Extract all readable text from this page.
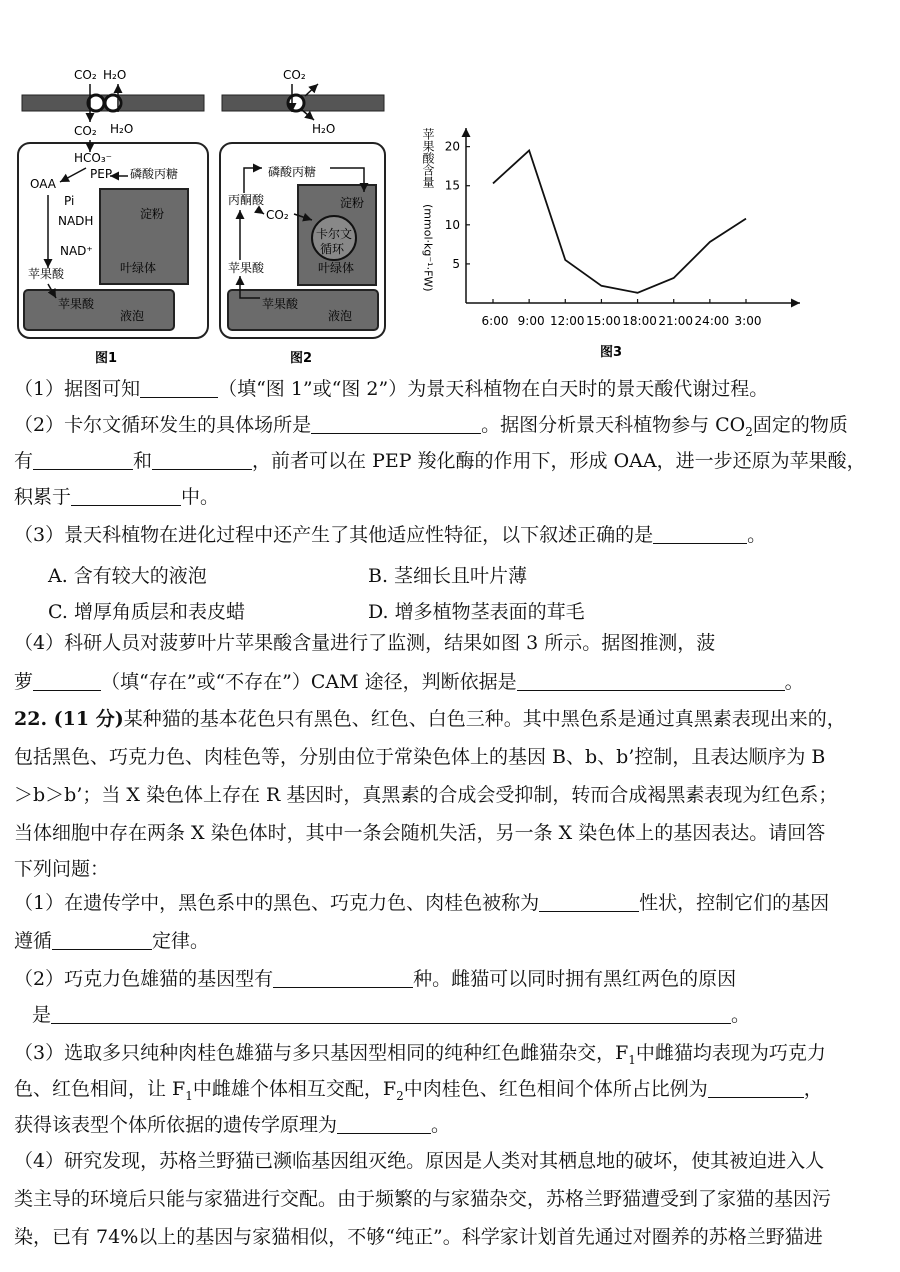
CO₂ H₂O
CO₂ H₂O
HCO₃⁻
PEP 磷酸丙糖
OAA
Pi
淀粉
NADH
NAD⁺
叶绿体
苹果酸
苹果酸
液泡
图1
CO₂
H₂O
磷酸丙糖
丙酮酸	淀粉
CO₂
卡尔文
循环
苹果酸	叶绿体
苹果酸
液泡
图2
苹果酸含量
(mmol·kg⁻¹·FW)
图3
5
10
15
20
6:00 9:00 12:00 15:00 18:00 21:00 24:00 3:00
（1）据图可知	（填“图 1”或“图 2”）为景天科植物在白天时的景天酸代谢过程。
（2）卡尔文循环发生的具体场所是	。据图分析景天科植物参与 $CO_2$固定的物质
有	和	，前者可以在 PEP 羧化酶的作用下，形成 OAA，进一步还原为苹果酸，
积累于	中。
（3）景天科植物在进化过程中还产生了其他适应性特征，以下叙述正确的是	。
A. 含有较大的液泡	B. 茎细长且叶片薄
C. 增厚角质层和表皮蜡	D. 增多植物茎表面的茸毛
（4）科研人员对菠萝叶片苹果酸含量进行了监测，结果如图 3 所示。据图推测，菠
萝	（填“存在”或“不存在”）CAM 途径，判断依据是	。
22. (11 分)某种猫的基本花色只有黑色、红色、白色三种。其中黑色系是通过真黑素表现出来的，
包括黑色、巧克力色、肉桂色等，分别由位于常染色体上的基因 B、b、b’控制，且表达顺序为 B
＞b＞b’；当 X 染色体上存在 R 基因时，真黑素的合成会受抑制，转而合成褐黑素表现为红色系；
当体细胞中存在两条 X 染色体时，其中一条会随机失活，另一条 X 染色体上的基因表达。请回答
下列问题：
（1）在遗传学中，黑色系中的黑色、巧克力色、肉桂色被称为	性状，控制它们的基因
遵循	定律。
（2）巧克力色雄猫的基因型有	种。雌猫可以同时拥有黑红两色的原因
是	。
（3）选取多只纯种肉桂色雄猫与多只基因型相同的纯种红色雌猫杂交，$F_1$中雌猫均表现为巧克力
色、红色相间，让 $F_1$中雌雄个体相互交配，$F_2$中肉桂色、红色相间个体所占比例为	，
获得该表型个体所依据的遗传学原理为	。
（4）研究发现，苏格兰野猫已濒临基因组灭绝。原因是人类对其栖息地的破坏，使其被迫进入人
类主导的环境后只能与家猫进行交配。由于频繁的与家猫杂交，苏格兰野猫遭受到了家猫的基因污
染，已有 74%以上的基因与家猫相似，不够“纯正”。科学家计划首先通过对圈养的苏格兰野猫进
